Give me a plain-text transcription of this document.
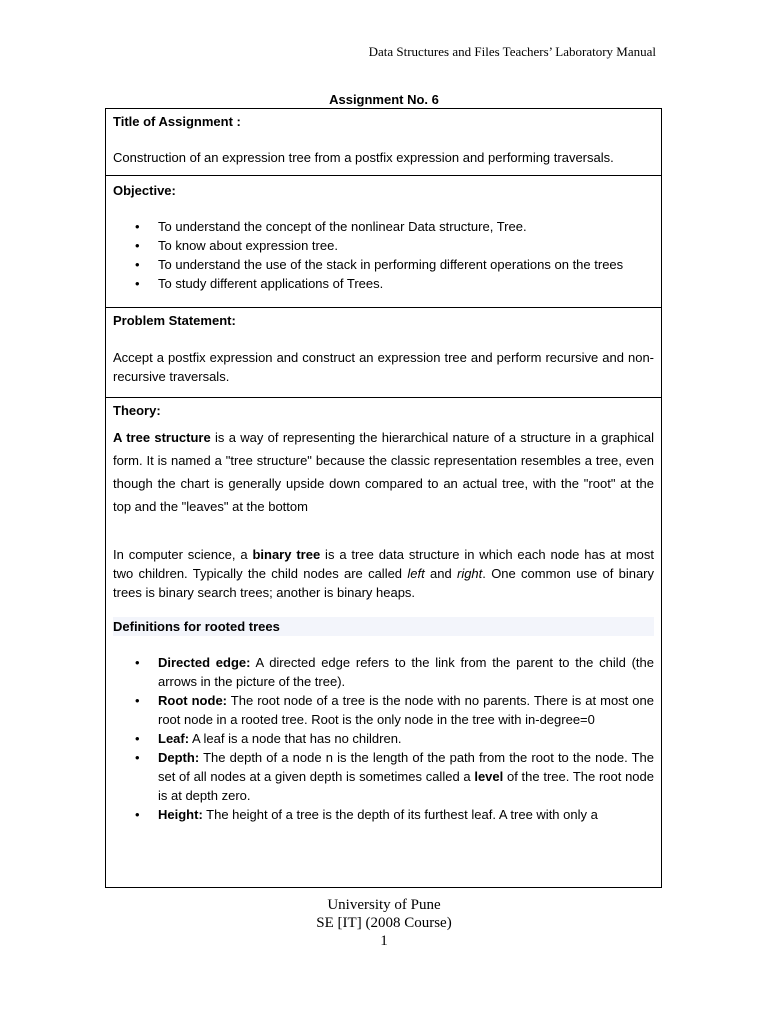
Data Structures and Files Teachers’ Laboratory Manual
Assignment No. 6

Title of Assignment :

Construction of an expression tree from a postfix expression and performing traversals.

Objective:

• To understand the concept of the nonlinear Data structure, Tree.
• To know about expression tree.
• To understand the use of the stack in performing different operations on the trees
• To study different applications of Trees.

Problem Statement:

Accept a postfix expression and construct an expression tree and perform recursive and non- recursive traversals.

Theory:

A tree structure is a way of representing the hierarchical nature of a structure in a graphical form. It is named a "tree structure" because the classic representation resembles a tree, even though the chart is generally upside down compared to an actual tree, with the "root" at the top and the "leaves" at the bottom

In computer science, a binary tree is a tree data structure in which each node has at most two children. Typically the child nodes are called left and right. One common use of binary trees is binary search trees; another is binary heaps.

Definitions for rooted trees

• Directed edge: A directed edge refers to the link from the parent to the child (the arrows in the picture of the tree).
• Root node: The root node of a tree is the node with no parents. There is at most one root node in a rooted tree. Root is the only node in the tree with in-degree=0
• Leaf: A leaf is a node that has no children.
• Depth: The depth of a node n is the length of the path from the root to the node. The set of all nodes at a given depth is sometimes called a level of the tree. The root node is at depth zero.
• Height: The height of a tree is the depth of its furthest leaf. A tree with only a
University of Pune
SE [IT] (2008 Course)
1
